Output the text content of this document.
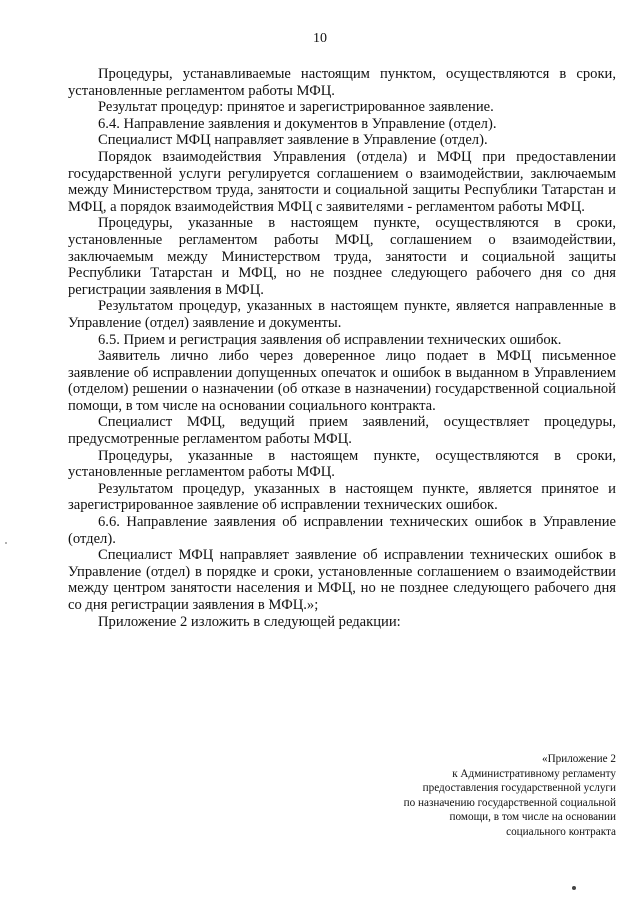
10

Процедуры, устанавливаемые настоящим пунктом, осуществляются в сроки, установленные регламентом работы МФЦ.

Результат процедур: принятое и зарегистрированное заявление.

6.4. Направление заявления и документов в Управление (отдел).

Специалист МФЦ направляет заявление в Управление (отдел).

Порядок взаимодействия Управления (отдела) и МФЦ при предоставлении государственной услуги регулируется соглашением о взаимодействии, заключаемым между Министерством труда, занятости и социальной защиты Республики Татарстан и МФЦ, а порядок взаимодействия МФЦ с заявителями - регламентом работы МФЦ.

Процедуры, указанные в настоящем пункте, осуществляются в сроки, установленные регламентом работы МФЦ, соглашением о взаимодействии, заключаемым между Министерством труда, занятости и социальной защиты Республики Татарстан и МФЦ, но не позднее следующего рабочего дня со дня регистрации заявления в МФЦ.

Результатом процедур, указанных в настоящем пункте, является направленные в Управление (отдел) заявление и документы.

6.5. Прием и регистрация заявления об исправлении технических ошибок.

Заявитель лично либо через доверенное лицо подает в МФЦ письменное заявление об исправлении допущенных опечаток и ошибок в выданном в Управлением (отделом) решении о назначении (об отказе в назначении) государственной социальной помощи, в том числе на основании социального контракта.

Специалист МФЦ, ведущий прием заявлений, осуществляет процедуры, предусмотренные регламентом работы МФЦ.

Процедуры, указанные в настоящем пункте, осуществляются в сроки, установленные регламентом работы МФЦ.

Результатом процедур, указанных в настоящем пункте, является принятое и зарегистрированное заявление об исправлении технических ошибок.

6.6. Направление заявления об исправлении технических ошибок в Управление (отдел).

Специалист МФЦ направляет заявление об исправлении технических ошибок в Управление (отдел) в порядке и сроки, установленные соглашением о взаимодействии между центром занятости населения и МФЦ, но не позднее следующего рабочего дня со дня регистрации заявления в МФЦ.»;

Приложение 2 изложить в следующей редакции:

«Приложение 2
к Административному регламенту
предоставления государственной услуги
по назначению государственной социальной
помощи, в том числе на основании
социального контракта
